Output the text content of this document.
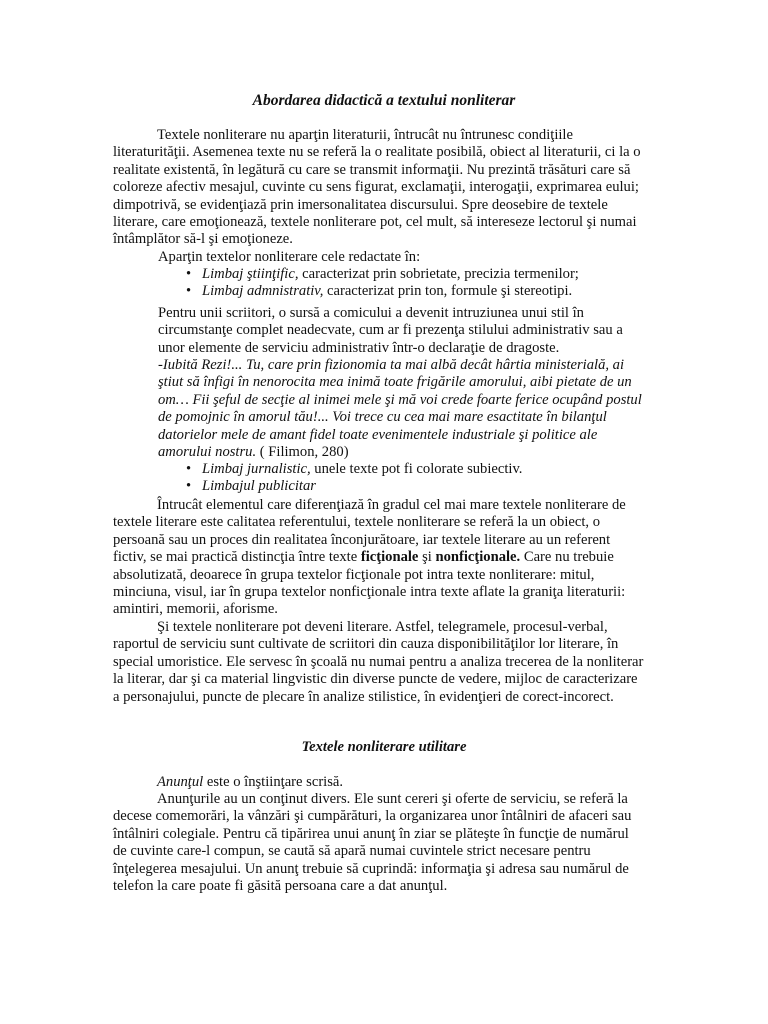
Abordarea didactică a textului nonliterar

Textele nonliterare nu aparţin literaturii, întrucât nu întrunesc condiţiile literaturităţii. Asemenea texte nu se referă la o realitate posibilă, obiect al literaturii, ci la o realitate existentă, în legătură cu care se transmit informaţii. Nu prezintă trăsături care să coloreze afectiv mesajul, cuvinte cu sens figurat, exclamaţii, interogaţii, exprimarea eului; dimpotrivă, se evidenţiază prin imersonalitatea discursului. Spre deosebire de textele literare, care emoţionează, textele nonliterare pot, cel mult, să intereseze lectorul şi numai întâmplător să-l şi emoţioneze.

Aparţin textelor nonliterare cele redactate în:

• Limbaj ştiinţific, caracterizat prin sobrietate, precizia termenilor;
• Limbaj admnistrativ, caracterizat prin ton, formule şi stereotipi.

Pentru unii scriitori, o sursă a comicului a devenit intruziunea unui stil în circumstanţe complet neadecvate, cum ar fi prezenţa stilului administrativ sau a unor elemente de serviciu administrativ într-o declaraţie de dragoste.

-Iubită Rezi!... Tu, care prin fizionomia ta mai albă decât hârtia ministerială, ai ştiut să înfigi în nenorocita mea inimă toate frigările amorului, aibi pietate de un om… Fii şeful de secţie al inimei mele şi mă voi crede foarte ferice ocupând postul de pomojnic în amorul tău!... Voi trece cu cea mai mare esactitate în bilanţul datorielor mele de amant fidel toate evenimentele industriale şi politice ale amorului nostru. ( Filimon, 280)

• Limbaj jurnalistic, unele texte pot fi colorate subiectiv.
• Limbajul publicitar

Întrucât elementul care diferenţiază în gradul cel mai mare textele nonliterare de textele literare este calitatea referentului, textele nonliterare se referă la un obiect, o persoană sau un proces din realitatea înconjurătoare, iar textele literare au un referent fictiv, se mai practică distincţia între texte ficţionale şi nonficţionale. Care nu trebuie absolutizată, deoarece în grupa textelor ficţionale pot intra texte nonliterare: mitul, minciuna, visul, iar în grupa textelor nonficţionale intra texte aflate la graniţa literaturii: amintiri, memorii, aforisme.

Şi textele nonliterare pot deveni literare. Astfel, telegramele, procesul-verbal, raportul de serviciu sunt cultivate de scriitori din cauza disponibilităţilor lor literare, în special umoristice. Ele servesc în şcoală nu numai pentru a analiza trecerea de la nonliterar la literar, dar şi ca material lingvistic din diverse puncte de vedere, mijloc de caracterizare a personajului, puncte de plecare în analize stilistice, în evidenţieri de corect-incorect.

Textele nonliterare utilitare

Anunţul este o înştiinţare scrisă.

Anunţurile au un conţinut divers. Ele sunt cereri şi oferte de serviciu, se referă la decese comemorări, la vânzări şi cumpărături, la organizarea unor întâlniri de afaceri sau întâlniri colegiale. Pentru că tipărirea unui anunţ în ziar se plăteşte în funcţie de numărul de cuvinte care-l compun, se caută să apară numai cuvintele strict necesare pentru înţelegerea mesajului. Un anunţ trebuie să cuprindă: informaţia şi adresa sau numărul de telefon la care poate fi găsită persoana care a dat anunţul.
